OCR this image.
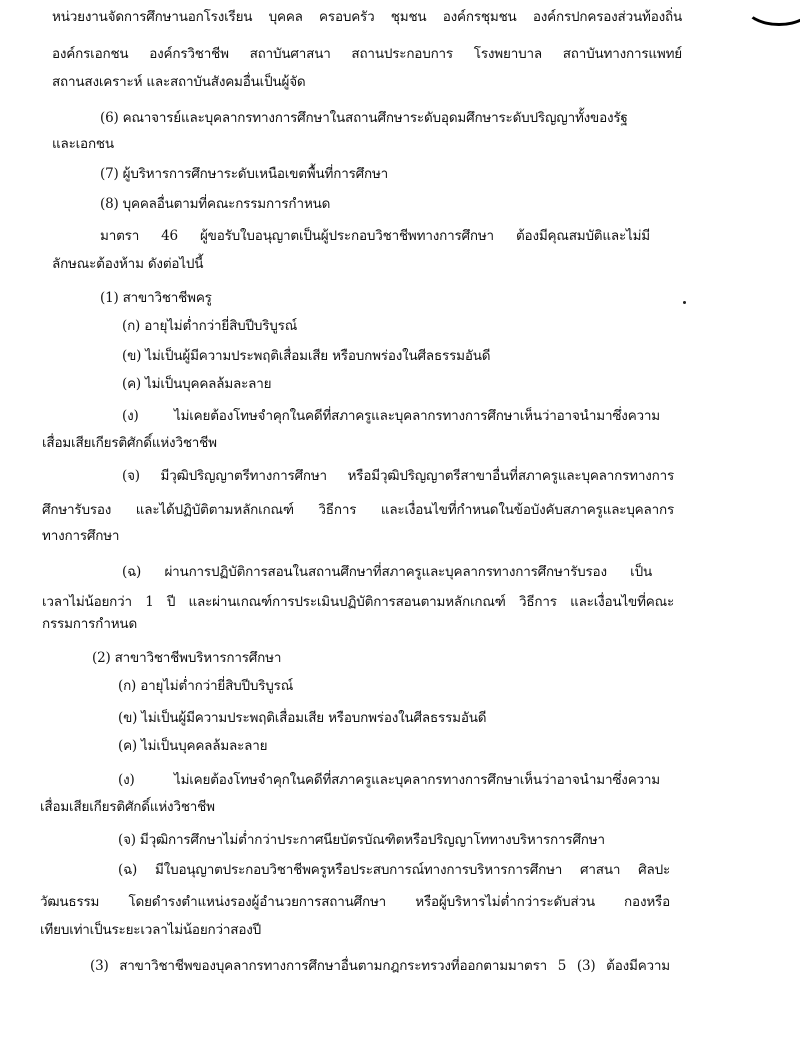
หน่วยงานจัดการศึกษานอกโรงเรียน บุคคล ครอบครัว ชุมชน องค์กรชุมชน องค์กรปกครองส่วนท้องถิ่น
องค์กรเอกชน องค์กรวิชาชีพ สถาบันศาสนา สถานประกอบการ โรงพยาบาล สถาบันทางการแพทย์
สถานสงเคราะห์ และสถาบันสังคมอื่นเป็นผู้จัด
(6) คณาจารย์และบุคลากรทางการศึกษาในสถานศึกษาระดับอุดมศึกษาระดับปริญญาทั้งของรัฐ
และเอกชน
(7) ผู้บริหารการศึกษาระดับเหนือเขตพื้นที่การศึกษา
(8) บุคคลอื่นตามที่คณะกรรมการกำหนด
มาตรา 46 ผู้ขอรับใบอนุญาตเป็นผู้ประกอบวิชาชีพทางการศึกษา ต้องมีคุณสมบัติและไม่มี
ลักษณะต้องห้าม ดังต่อไปนี้
(1) สาขาวิชาชีพครู
(ก) อายุไม่ต่ำกว่ายี่สิบปีบริบูรณ์
(ข) ไม่เป็นผู้มีความประพฤติเสื่อมเสีย หรือบกพร่องในศีลธรรมอันดี
(ค) ไม่เป็นบุคคลล้มละลาย
(ง) ไม่เคยต้องโทษจำคุกในคดีที่สภาครูและบุคลากรทางการศึกษาเห็นว่าอาจนำมาซึ่งความ
เสื่อมเสียเกียรติศักดิ์แห่งวิชาชีพ
(จ) มีวุฒิปริญญาตรีทางการศึกษา หรือมีวุฒิปริญญาตรีสาขาอื่นที่สภาครูและบุคลากรทางการ
ศึกษารับรอง และได้ปฏิบัติตามหลักเกณฑ์ วิธีการ และเงื่อนไขที่กำหนดในข้อบังคับสภาครูและบุคลากร
ทางการศึกษา
(ฉ) ผ่านการปฏิบัติการสอนในสถานศึกษาที่สภาครูและบุคลากรทางการศึกษารับรอง เป็น
เวลาไม่น้อยกว่า 1 ปี และผ่านเกณฑ์การประเมินปฏิบัติการสอนตามหลักเกณฑ์ วิธีการ และเงื่อนไขที่คณะ
กรรมการกำหนด
(2) สาขาวิชาชีพบริหารการศึกษา
(ก) อายุไม่ต่ำกว่ายี่สิบปีบริบูรณ์
(ข) ไม่เป็นผู้มีความประพฤติเสื่อมเสีย หรือบกพร่องในศีลธรรมอันดี
(ค) ไม่เป็นบุคคลล้มละลาย
(ง) ไม่เคยต้องโทษจำคุกในคดีที่สภาครูและบุคลากรทางการศึกษาเห็นว่าอาจนำมาซึ่งความ
เสื่อมเสียเกียรติศักดิ์แห่งวิชาชีพ
(จ) มีวุฒิการศึกษาไม่ต่ำกว่าประกาศนียบัตรบัณฑิตหรือปริญญาโททางบริหารการศึกษา
(ฉ) มีใบอนุญาตประกอบวิชาชีพครูหรือประสบการณ์ทางการบริหารการศึกษา ศาสนา ศิลปะ
วัฒนธรรม โดยดำรงตำแหน่งรองผู้อำนวยการสถานศึกษา หรือผู้บริหารไม่ต่ำกว่าระดับส่วน กองหรือ
เทียบเท่าเป็นระยะเวลาไม่น้อยกว่าสองปี
(3) สาขาวิชาชีพของบุคลากรทางการศึกษาอื่นตามกฎกระทรวงที่ออกตามมาตรา 5 (3) ต้องมีความ
